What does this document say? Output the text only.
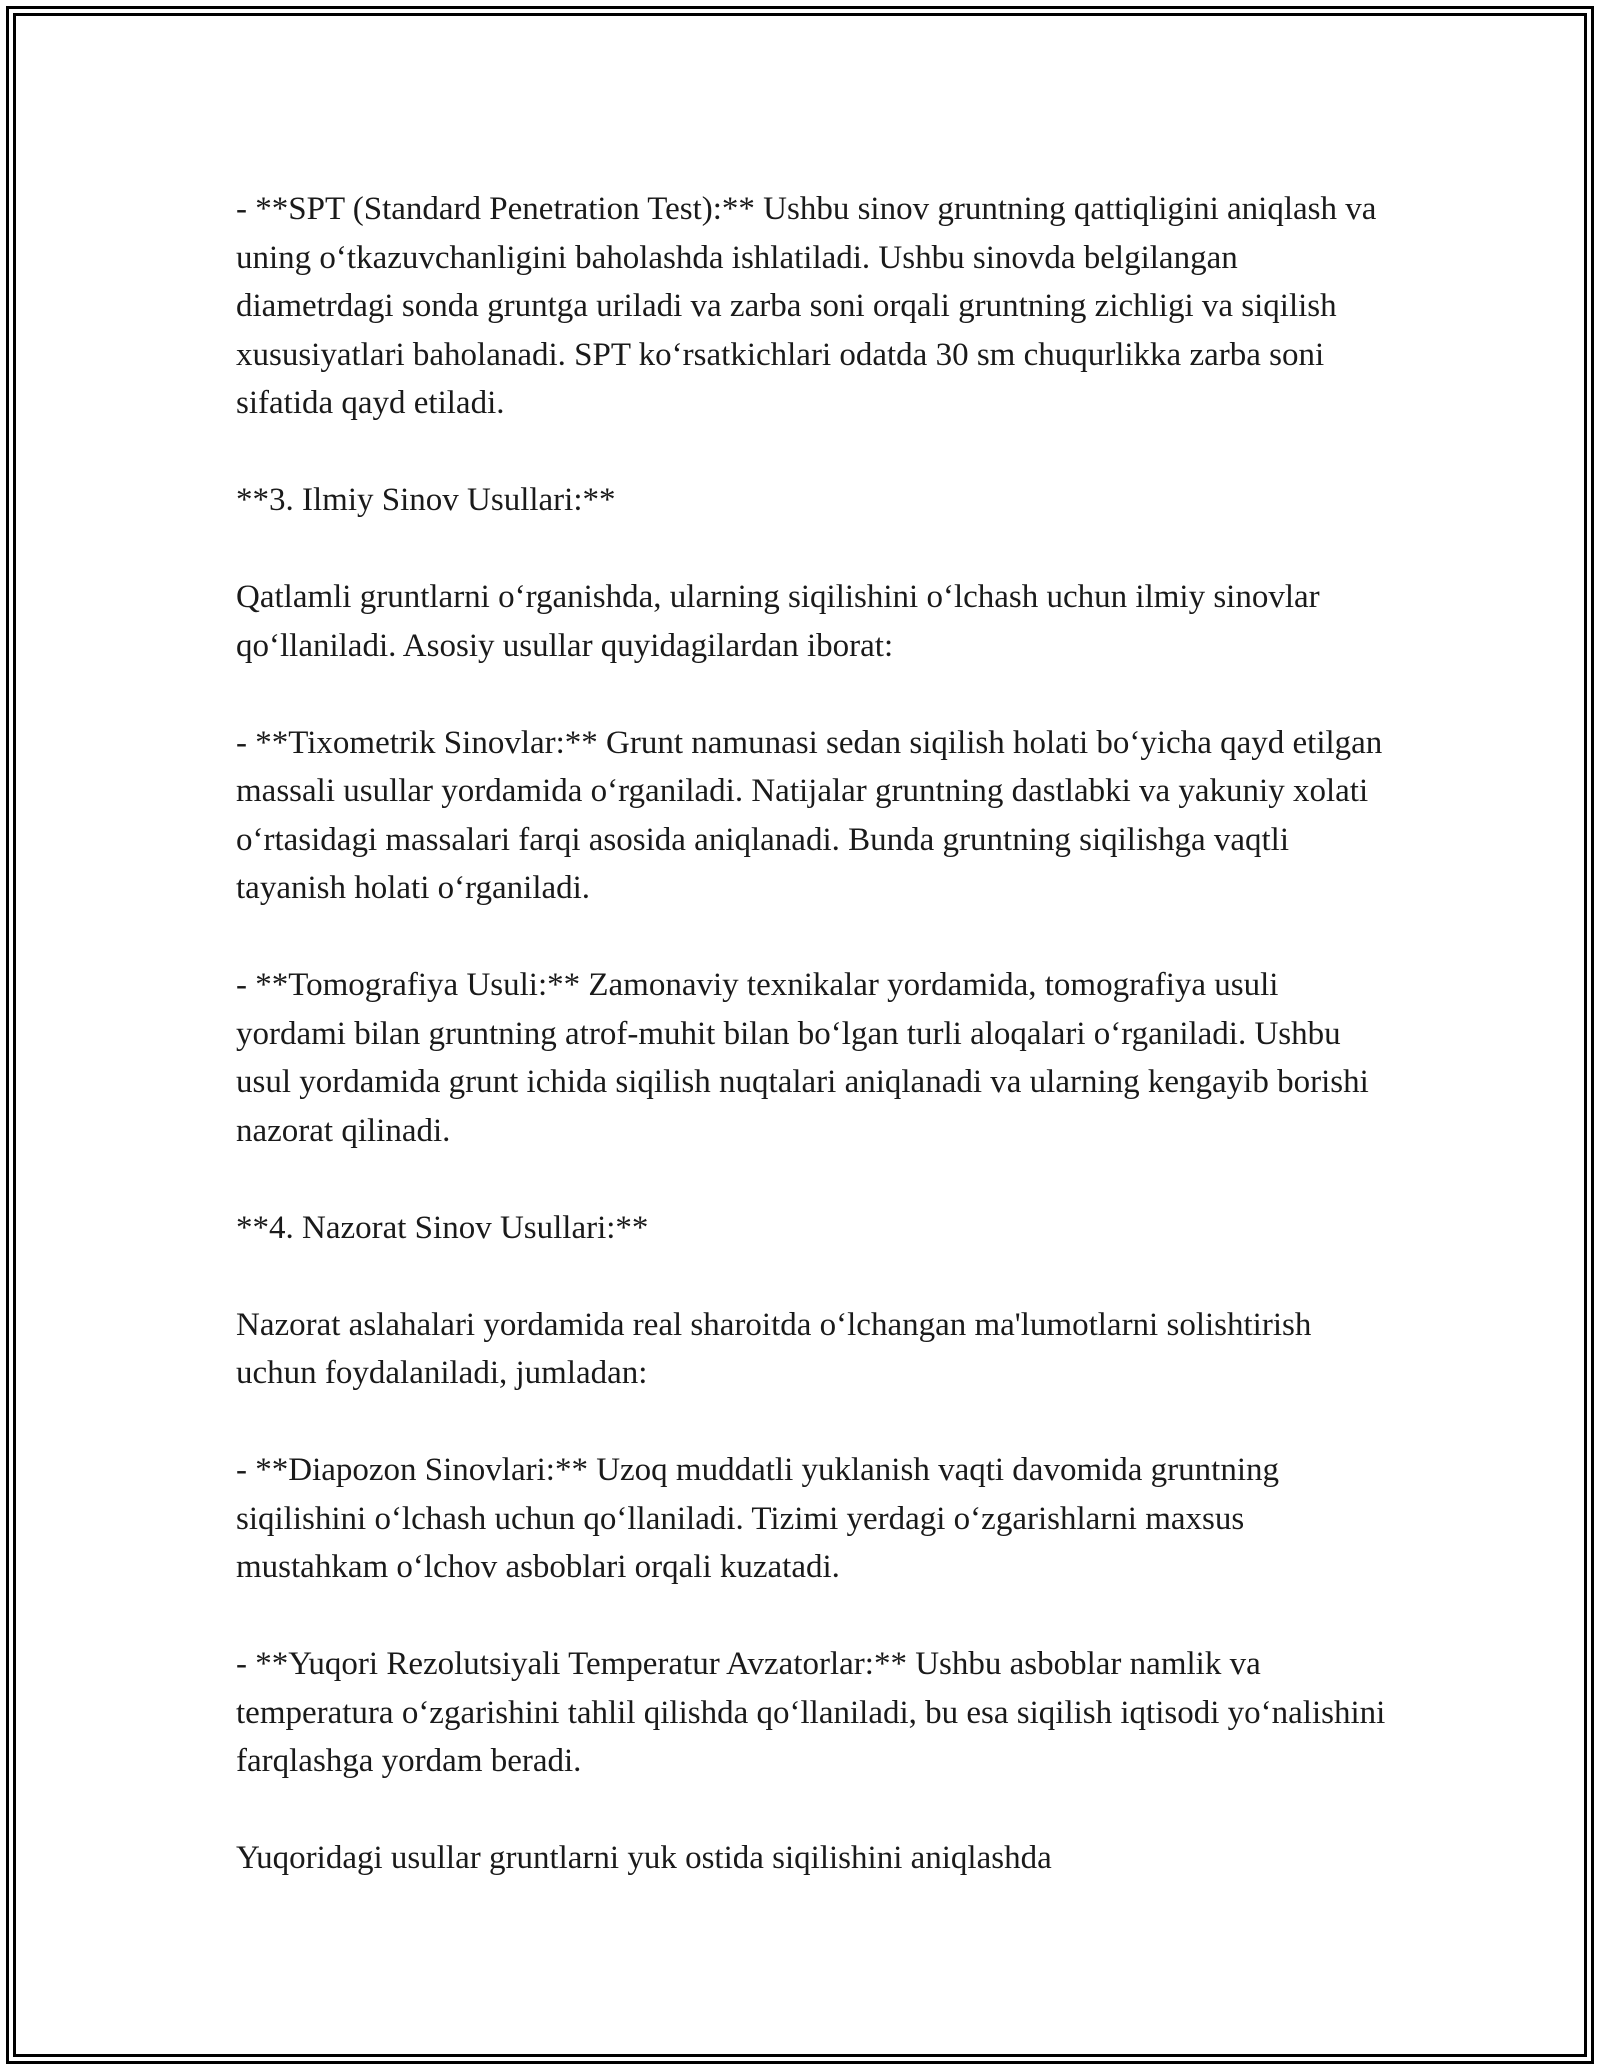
- **SPT (Standard Penetration Test):** Ushbu sinov gruntning qattiqligini aniqlash va uning o‘tkazuvchanligini baholashda ishlatiladi. Ushbu sinovda belgilangan diametrdagi sonda gruntga uriladi va zarba soni orqali gruntning zichligi va siqilish xususiyatlari baholanadi. SPT ko‘rsatkichlari odatda 30 sm chuqurlikka zarba soni sifatida qayd etiladi.

**3. Ilmiy Sinov Usullari:**

Qatlamli gruntlarni o‘rganishda, ularning siqilishini o‘lchash uchun ilmiy sinovlar qo‘llaniladi. Asosiy usullar quyidagilardan iborat:

- **Tixometrik Sinovlar:** Grunt namunasi sedan siqilish holati bo‘yicha qayd etilgan massali usullar yordamida o‘rganiladi. Natijalar gruntning dastlabki va yakuniy xolati o‘rtasidagi massalari farqi asosida aniqlanadi. Bunda gruntning siqilishga vaqtli tayanish holati o‘rganiladi.

- **Tomografiya Usuli:** Zamonaviy texnikalar yordamida, tomografiya usuli yordami bilan gruntning atrof-muhit bilan bo‘lgan turli aloqalari o‘rganiladi. Ushbu usul yordamida grunt ichida siqilish nuqtalari aniqlanadi va ularning kengayib borishi nazorat qilinadi.

**4. Nazorat Sinov Usullari:**

Nazorat aslahalari yordamida real sharoitda o‘lchangan ma'lumotlarni solishtirish uchun foydalaniladi, jumladan:

- **Diapozon Sinovlari:** Uzoq muddatli yuklanish vaqti davomida gruntning siqilishini o‘lchash uchun qo‘llaniladi. Tizimi yerdagi o‘zgarishlarni maxsus mustahkam o‘lchov asboblari orqali kuzatadi.

- **Yuqori Rezolutsiyali Temperatur Avzatorlar:** Ushbu asboblar namlik va temperatura o‘zgarishini tahlil qilishda qo‘llaniladi, bu esa siqilish iqtisodi yo‘nalishini farqlashga yordam beradi.

Yuqoridagi usullar gruntlarni yuk ostida siqilishini aniqlashda
